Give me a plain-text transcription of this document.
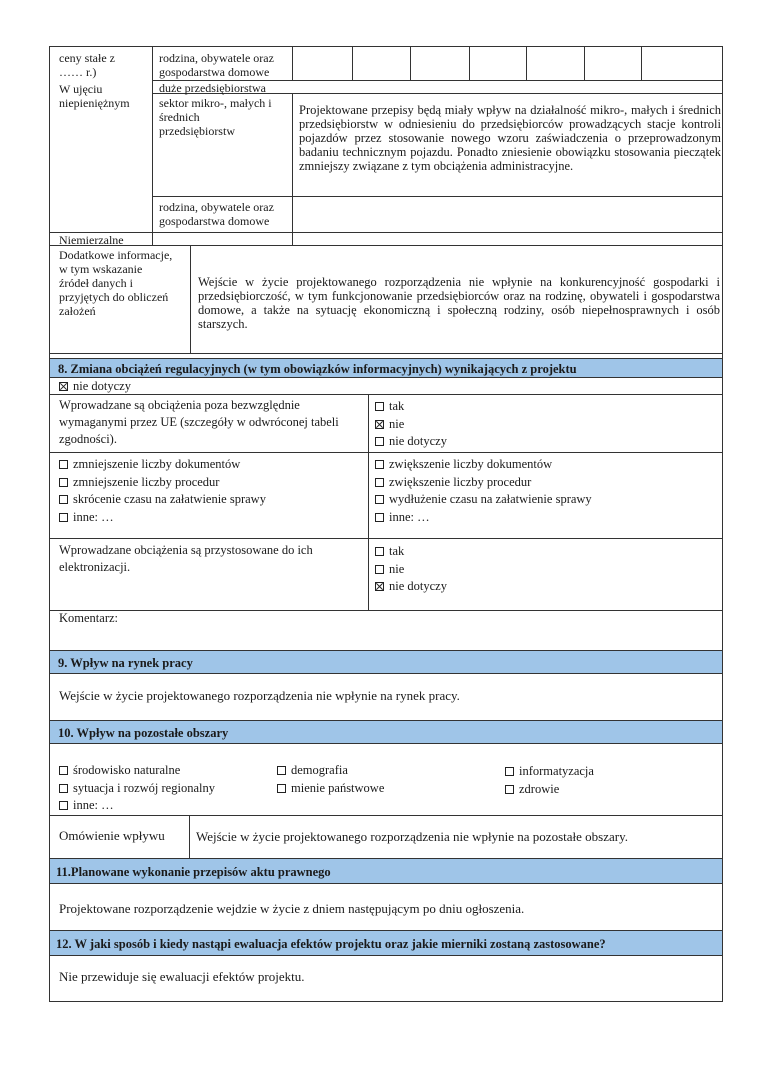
ceny stałe z
…… r.)
rodzina, obywatele oraz
gospodarstwa domowe
W ujęciu
niepieniężnym
duże przedsiębiorstwa
sektor mikro-, małych i
średnich
przedsiębiorstw
Projektowane przepisy będą miały wpływ na działalność mikro-, małych i średnich przedsiębiorstw w odniesieniu do przedsiębiorców prowadzących stacje kontroli pojazdów przez stosowanie nowego wzoru zaświadczenia o przeprowadzonym badaniu technicznym pojazdu. Ponadto zniesienie obowiązku stosowania pieczątek zmniejszy związane z tym obciążenia administracyjne.
rodzina, obywatele oraz
gospodarstwa domowe
Niemierzalne
Dodatkowe informacje,
w tym wskazanie
źródeł danych i
przyjętych do obliczeń
założeń
Wejście w życie projektowanego rozporządzenia nie wpłynie na konkurencyjność gospodarki i przedsiębiorczość, w tym funkcjonowanie przedsiębiorców oraz na rodzinę, obywateli i gospodarstwa domowe, a także na sytuację ekonomiczną i społeczną rodziny, osób niepełnosprawnych i osób starszych.
8. Zmiana obciążeń regulacyjnych (w tym obowiązków informacyjnych) wynikających z projektu
nie dotyczy
Wprowadzane są obciążenia poza bezwzględnie
wymaganymi przez UE (szczegóły w odwróconej tabeli
zgodności).
tak
nie
nie dotyczy
zmniejszenie liczby dokumentów
zmniejszenie liczby procedur
skrócenie czasu na załatwienie sprawy
inne: …
zwiększenie liczby dokumentów
zwiększenie liczby procedur
wydłużenie czasu na załatwienie sprawy
inne: …
Wprowadzane obciążenia są przystosowane do ich
elektronizacji.
tak
nie
nie dotyczy
Komentarz:
9. Wpływ na rynek pracy
Wejście w życie projektowanego rozporządzenia nie wpłynie na rynek pracy.
10. Wpływ na pozostałe obszary
środowisko naturalne
sytuacja i rozwój regionalny
inne: …
demografia
mienie państwowe
informatyzacja
zdrowie
Omówienie wpływu Wejście w życie projektowanego rozporządzenia nie wpłynie na pozostałe obszary.
11.Planowane wykonanie przepisów aktu prawnego
Projektowane rozporządzenie wejdzie w życie z dniem następującym po dniu ogłoszenia.
12. W jaki sposób i kiedy nastąpi ewaluacja efektów projektu oraz jakie mierniki zostaną zastosowane?
Nie przewiduje się ewaluacji efektów projektu.
